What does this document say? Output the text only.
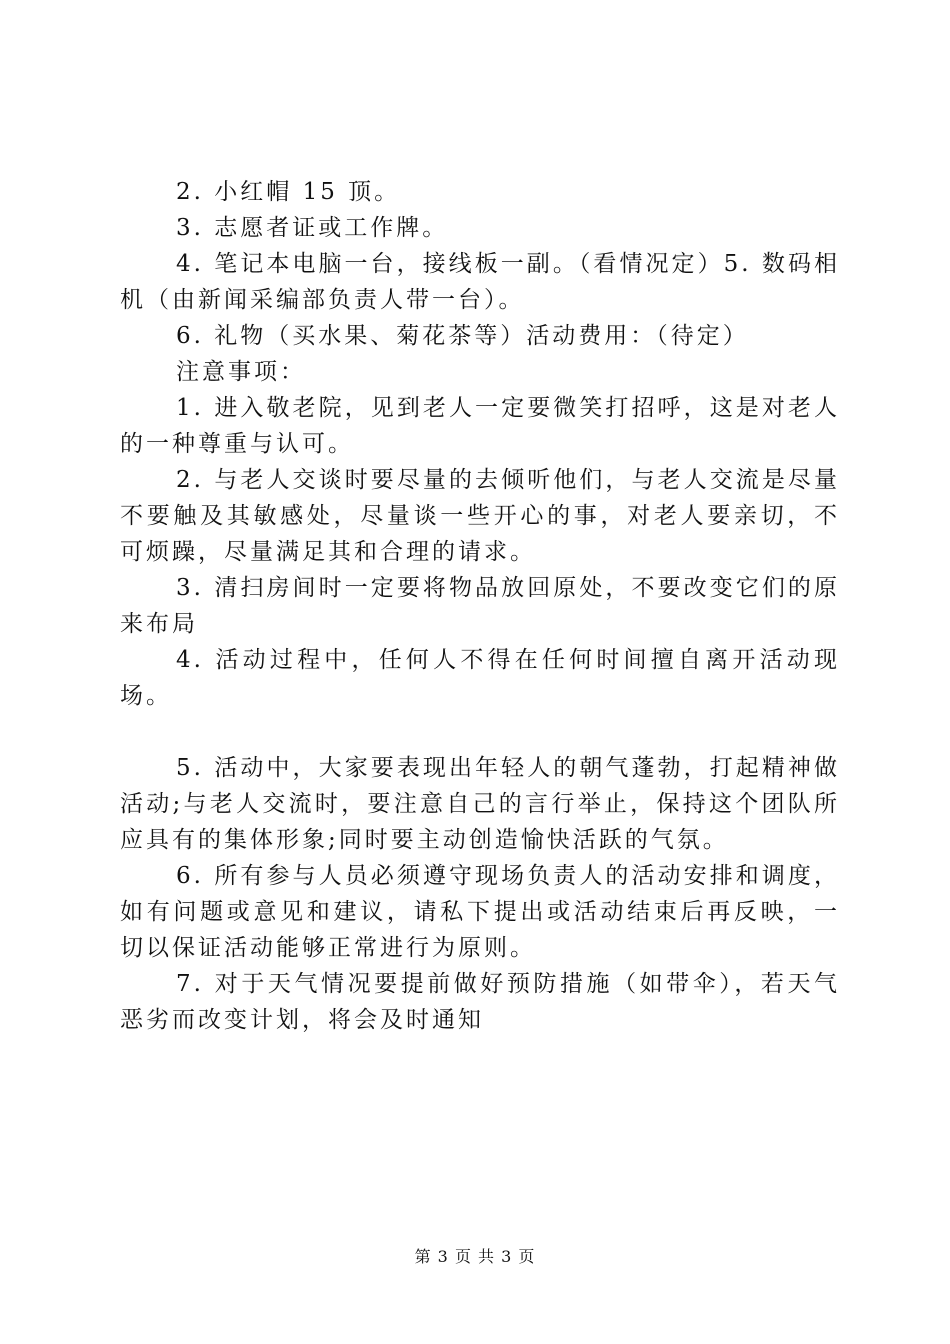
2. 小红帽 15 顶。

3. 志愿者证或工作牌。

4. 笔记本电脑一台，接线板一副。（看情况定）5. 数码相机（由新闻采编部负责人带一台）。

6. 礼物（买水果、菊花茶等）活动费用：（待定）

注意事项：

1. 进入敬老院，见到老人一定要微笑打招呼，这是对老人的一种尊重与认可。

2. 与老人交谈时要尽量的去倾听他们，与老人交流是尽量不要触及其敏感处，尽量谈一些开心的事，对老人要亲切，不可烦躁，尽量满足其和合理的请求。

3. 清扫房间时一定要将物品放回原处，不要改变它们的原来布局

4. 活动过程中，任何人不得在任何时间擅自离开活动现场。

5. 活动中，大家要表现出年轻人的朝气蓬勃，打起精神做活动;与老人交流时，要注意自己的言行举止，保持这个团队所应具有的集体形象;同时要主动创造愉快活跃的气氛。

6. 所有参与人员必须遵守现场负责人的活动安排和调度，如有问题或意见和建议，请私下提出或活动结束后再反映，一切以保证活动能够正常进行为原则。

7. 对于天气情况要提前做好预防措施（如带伞），若天气恶劣而改变计划，将会及时通知

第 3 页 共 3 页
